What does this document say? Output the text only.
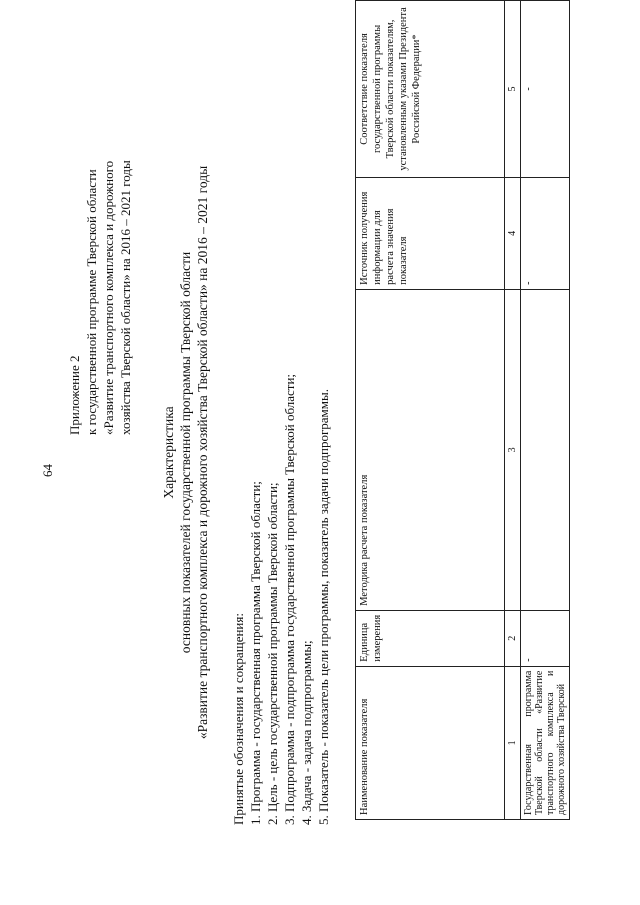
64
Приложение 2 к государственной программе Тверской области «Развитие транспортного комплекса и дорожного хозяйства Тверской области» на 2016 – 2021 годы
Характеристика основных показателей государственной программы Тверской области «Развитие транспортного комплекса и дорожного хозяйства Тверской области» на 2016 – 2021 годы Принятые обозначения и сокращения: 1. Программа - государственная программа Тверской области; 2. Цель - цель государственной программы Тверской области; 3. Подпрограмма - подпрограмма государственной программы Тверской области; 4. Задача - задача подпрограммы; 5. Показатель - показатель цели программы, показатель задачи подпрограммы.	Наименование показателя	Единица измерения	Методика расчета показателя	Источник получения информации для расчета значения показателя	Соответствие показателя государственной программы Тверской области показателям, установленным указами Президента Российской Федерации*
1	2	3	4	5
Государственная программа Тверской области «Развитие транспортного комплекса и дорожного хозяйства Тверской	-		-	-
